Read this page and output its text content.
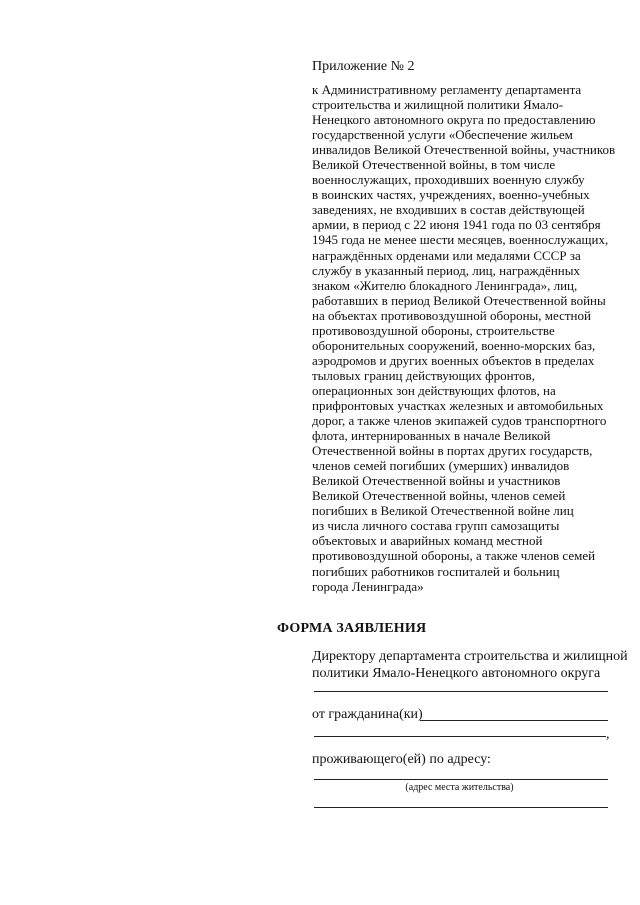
Приложение № 2
к Административному регламенту департамента
строительства и жилищной политики Ямало-
Ненецкого автономного округа по предоставлению
государственной услуги «Обеспечение жильем
инвалидов Великой Отечественной войны, участников
Великой Отечественной войны, в том числе
военнослужащих, проходивших военную службу
в воинских частях, учреждениях, военно-учебных
заведениях, не входивших в состав действующей
армии, в период с 22 июня 1941 года по 03 сентября
1945 года не менее шести месяцев, военнослужащих,
награждённых орденами или медалями СССР за
службу в указанный период, лиц, награждённых
знаком «Жителю блокадного Ленинграда», лиц,
работавших в период Великой Отечественной войны
на объектах противовоздушной обороны, местной
противовоздушной обороны, строительстве
оборонительных сооружений, военно-морских баз,
аэродромов и других военных объектов в пределах
тыловых границ действующих фронтов,
операционных зон действующих флотов, на
прифронтовых участках железных и автомобильных
дорог, а также членов экипажей судов транспортного
флота, интернированных в начале Великой
Отечественной войны в портах других государств,
членов семей погибших (умерших) инвалидов
Великой Отечественной войны и участников
Великой Отечественной войны, членов семей
погибших в Великой Отечественной войне лиц
из числа личного состава групп самозащиты
объектовых и аварийных команд местной
противовоздушной обороны, а также членов семей
погибших работников госпиталей и больниц
города Ленинграда»
ФОРМА ЗАЯВЛЕНИЯ
Директору департамента строительства и жилищной
политики Ямало-Ненецкого автономного округа
от гражданина(ки)
,
проживающего(ей) по адресу:
(адрес места жительства)
